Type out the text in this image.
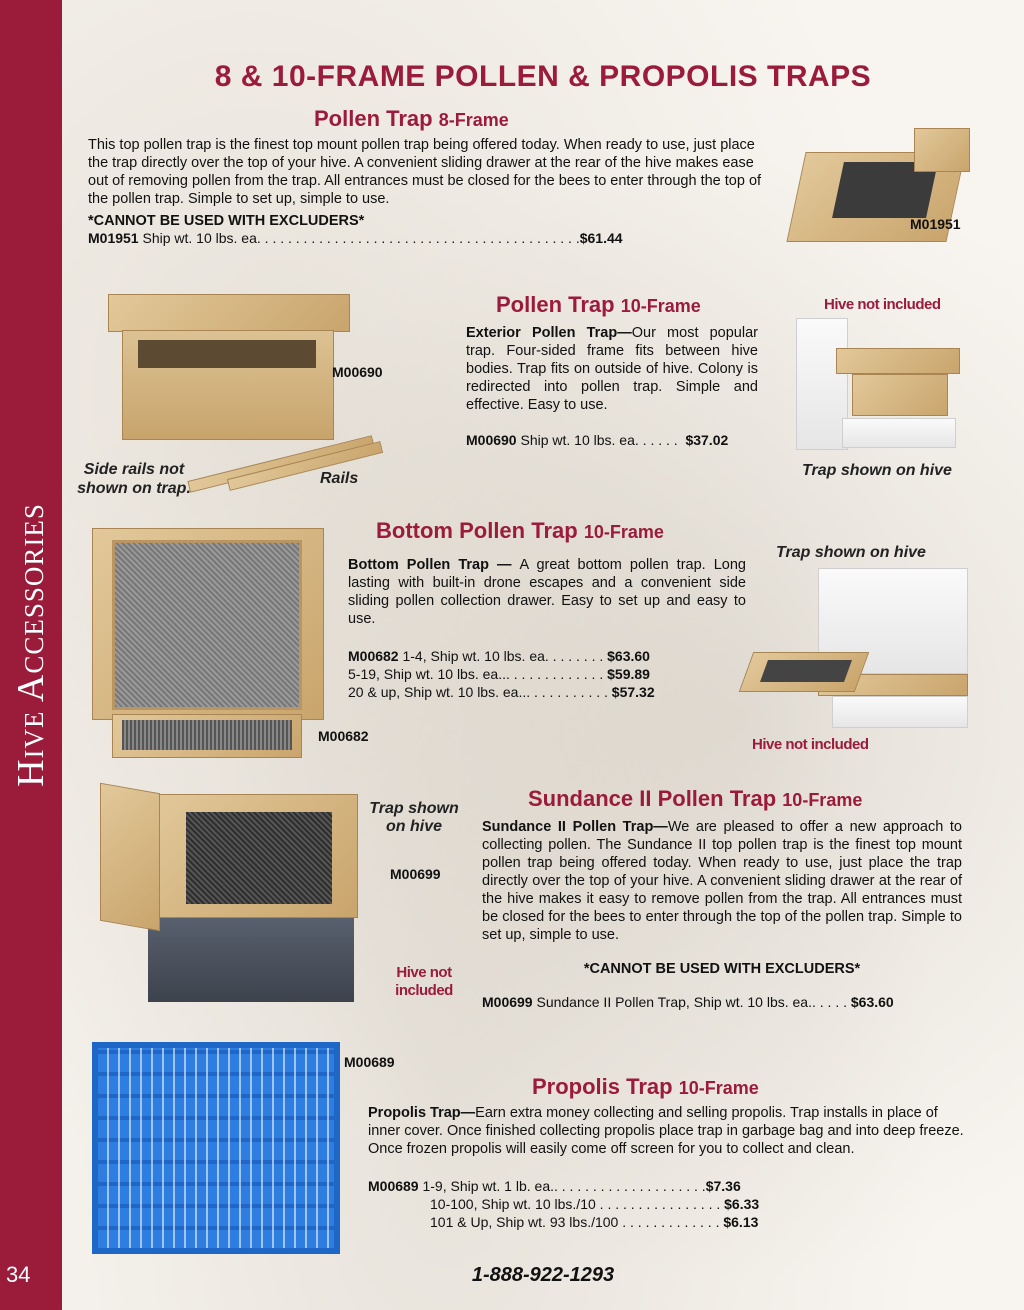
Hive Accessories
34
8 & 10-FRAME POLLEN & PROPOLIS TRAPS
Pollen Trap 8-Frame
This top pollen trap is the finest top mount pollen trap being offered today. When ready to use, just place the trap directly over the top of your hive. A convenient sliding drawer at the rear of the hive makes ease out of removing pollen from the trap. All entrances must be closed for the bees to enter through the top of the pollen trap. Simple to set up, simple to use.
*CANNOT BE USED WITH EXCLUDERS*
M01951 Ship wt. 10 lbs. ea. . . . . . . . . . . . . . . . . . . . . . . . . . . . . . . . . . . . . . . . . .$61.44
M01951
M00690
Side rails not shown on trap.
Rails
Pollen Trap 10-Frame
Exterior Pollen Trap—Our most popular trap. Four-sided frame fits between hive bodies. Trap fits on outside of hive. Colony is redirected into pollen trap. Simple and effective. Easy to use.
M00690 Ship wt. 10 lbs. ea. . . . . . $37.02
Hive not included
Trap shown on hive
M00682
Bottom Pollen Trap 10-Frame
Bottom Pollen Trap — A great bottom pollen trap. Long lasting with built-in drone escapes and a convenient side sliding pollen collection drawer. Easy to set up and easy to use.
M00682 1-4, Ship wt. 10 lbs. ea. . . . . . . . $63.60
5-19, Ship wt. 10 lbs. ea... . . . . . . . . . . . . $59.89
20 & up, Ship wt. 10 lbs. ea... . . . . . . . . . . $57.32
Trap shown on hive
Hive not included
Trap shown
on hive
M00699
Hive not
included
Sundance II Pollen Trap 10-Frame
Sundance II Pollen Trap—We are pleased to offer a new approach to collecting pollen. The Sundance II top pollen trap is the finest top mount pollen trap being offered today. When ready to use, just place the trap directly over the top of your hive. A convenient sliding drawer at the rear of the hive makes it easy to remove pollen from the trap. All entrances must be closed for the bees to enter through the top of the pollen trap. Simple to set up, simple to use.
*CANNOT BE USED WITH EXCLUDERS*
M00699 Sundance II Pollen Trap, Ship wt. 10 lbs. ea.. . . . . $63.60
M00689
Propolis Trap 10-Frame
Propolis Trap—Earn extra money collecting and selling propolis. Trap installs in place of inner cover. Once finished collecting propolis place trap in garbage bag and into deep freeze. Once frozen propolis will easily come off screen for you to collect and clean.
M00689 1-9, Ship wt. 1 lb. ea.. . . . . . . . . . . . . . . . . . . .$7.36
10-100, Ship wt. 10 lbs./10 . . . . . . . . . . . . . . . . $6.33
101 & Up, Ship wt. 93 lbs./100 . . . . . . . . . . . . . $6.13
1-888-922-1293
